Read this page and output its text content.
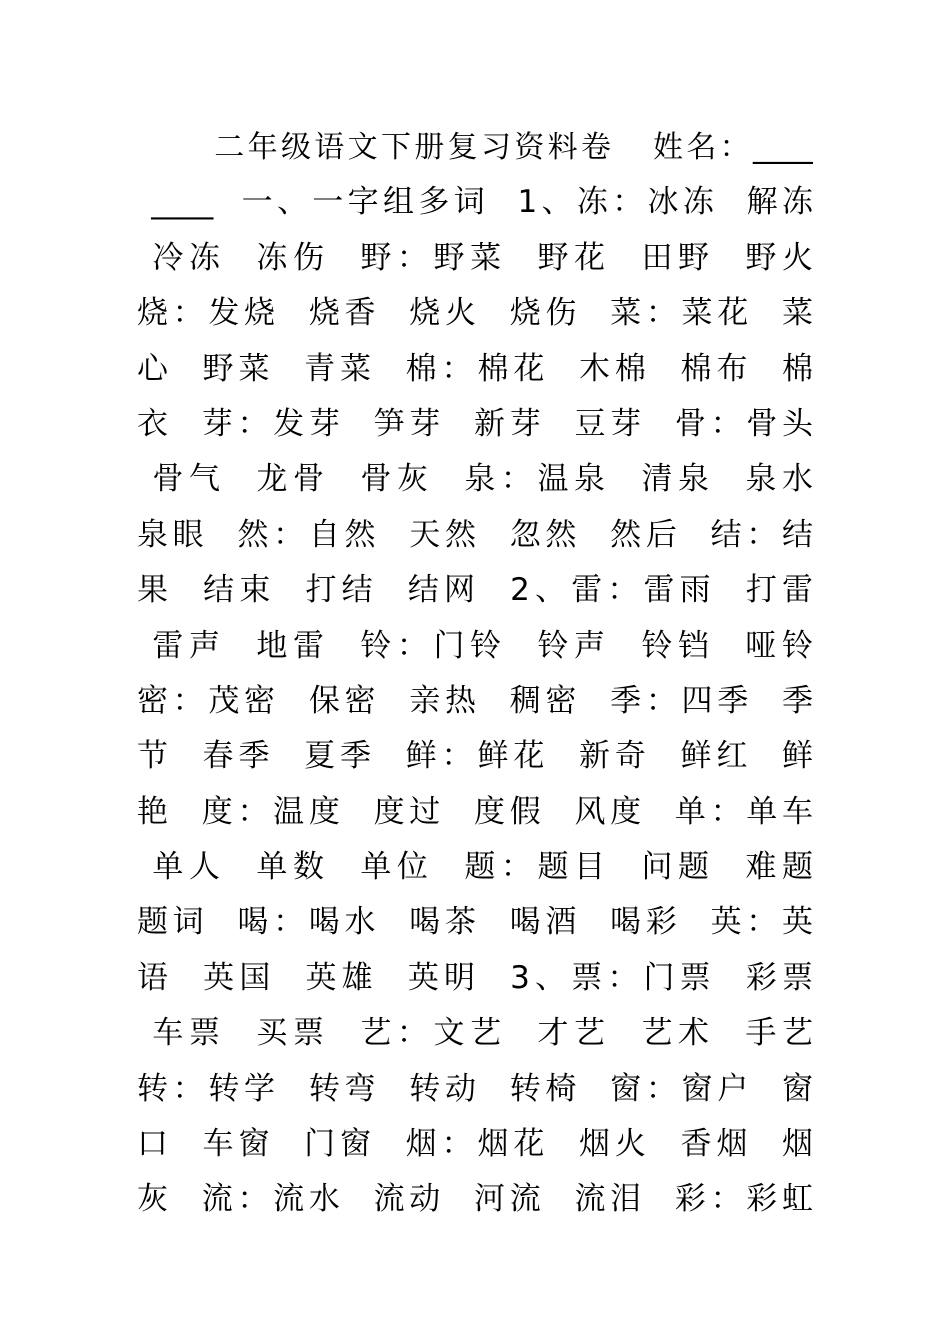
二年级语文下册复习资料卷   姓名：____
____  一、一字组多词  1、冻：冰冻  解冻
冷冻  冻伤  野：野菜  野花  田野  野火
烧：发烧  烧香  烧火  烧伤  菜：菜花  菜
心  野菜  青菜  棉：棉花  木棉  棉布  棉
衣  芽：发芽  笋芽  新芽  豆芽  骨：骨头
骨气  龙骨  骨灰  泉：温泉  清泉  泉水
泉眼  然：自然  天然  忽然  然后  结：结
果  结束  打结  结网  2、雷：雷雨  打雷
雷声  地雷  铃：门铃  铃声  铃铛  哑铃
密：茂密  保密  亲热  稠密  季：四季  季
节  春季  夏季  鲜：鲜花  新奇  鲜红  鲜
艳  度：温度  度过  度假  风度  单：单车
单人  单数  单位  题：题目  问题  难题
题词  喝：喝水  喝茶  喝酒  喝彩  英：英
语  英国  英雄  英明  3、票：门票  彩票
车票  买票  艺：文艺  才艺  艺术  手艺
转：转学  转弯  转动  转椅  窗：窗户  窗
口  车窗  门窗  烟：烟花  烟火  香烟  烟
灰  流：流水  流动  河流  流泪  彩：彩虹
